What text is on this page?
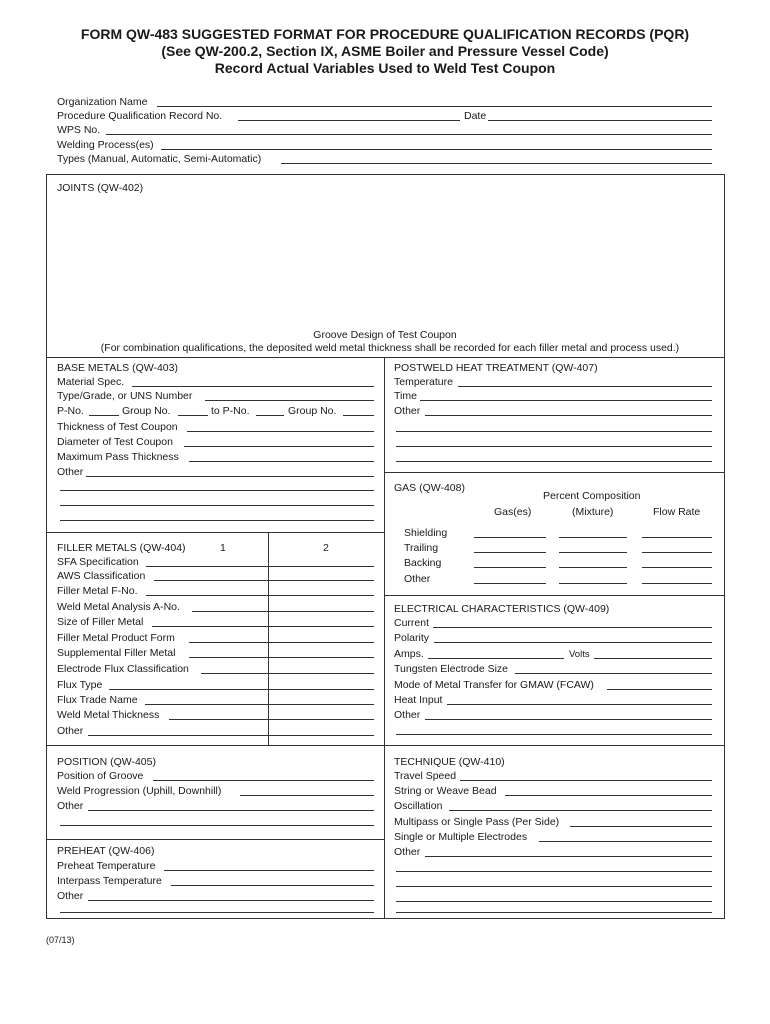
FORM QW-483 SUGGESTED FORMAT FOR PROCEDURE QUALIFICATION RECORDS (PQR)
(See QW-200.2, Section IX, ASME Boiler and Pressure Vessel Code)
Record Actual Variables Used to Weld Test Coupon
Organization Name
Procedure Qualification Record No.	Date
WPS No.
Welding Process(es)
Types (Manual, Automatic, Semi-Automatic)
JOINTS (QW-402)
Groove Design of Test Coupon
(For combination qualifications, the deposited weld metal thickness shall be recorded for each filler metal and process used.)
BASE METALS (QW-403)
Material Spec.
Type/Grade, or UNS Number
P-No.	Group No.	to P-No.	Group No.
Thickness of Test Coupon
Diameter of Test Coupon
Maximum Pass Thickness
Other
FILLER METALS (QW-404)	1	2
SFA Specification
AWS Classification
Filler Metal F-No.
Weld Metal Analysis A-No.
Size of Filler Metal
Filler Metal Product Form
Supplemental Filler Metal
Electrode Flux Classification
Flux Type
Flux Trade Name
Weld Metal Thickness
Other
POSITION (QW-405)
Position of Groove
Weld Progression (Uphill, Downhill)
Other
PREHEAT (QW-406)
Preheat Temperature
Interpass Temperature
Other
POSTWELD HEAT TREATMENT (QW-407)
Temperature
Time
Other
GAS (QW-408)
Percent Composition
Gas(es)	(Mixture)	Flow Rate
Shielding
Trailing
Backing
Other
ELECTRICAL CHARACTERISTICS (QW-409)
Current
Polarity
Amps.	Volts
Tungsten Electrode Size
Mode of Metal Transfer for GMAW (FCAW)
Heat Input
Other
TECHNIQUE (QW-410)
Travel Speed
String or Weave Bead
Oscillation
Multipass or Single Pass (Per Side)
Single or Multiple Electrodes
Other
(07/13)
